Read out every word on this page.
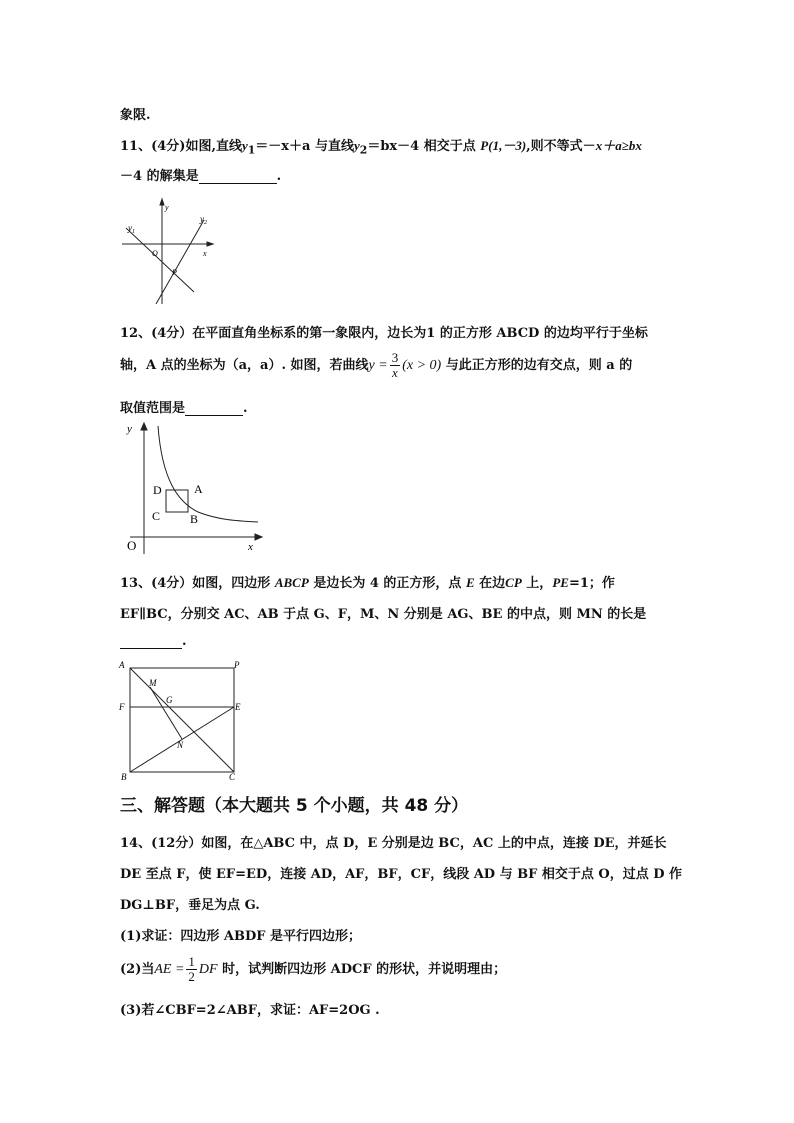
象限.
11、(4分)如图,直线$y_1=-x+a$ 与直线$y_2=bx-4$ 相交于点 P(1,－3),则不等式－x＋a≥bx
－4 的解集是	.
$y_1$
$y_2$
y
x
O
P
12、(4分）在平面直角坐标系的第一象限内，边长为1 的正方形 ABCD 的边均平行于坐标
轴，A 点的坐标为（a，a）. 如图，若曲线$y = \frac{3}{x} (x > 0)$ 与此正方形的边有交点，则 a 的
取值范围是	.
y
x
O
A
B
C
D
13、(4分）如图，四边形 ABCP 是边长为 4 的正方形，点 E 在边CP 上，PE=1；作
EF∥BC，分别交 AC、AB 于点 G、F，M、N 分别是 AG、BE 的中点，则 MN 的长是
.
A	P
M
G
F	E
N
B	C
三、解答题（本大题共 5 个小题，共 48 分）
14、(12分）如图，在△ABC 中，点 D，E 分别是边 BC，AC 上的中点，连接 DE，并延长
DE 至点 F，使 EF=ED，连接 AD，AF，BF，CF，线段 AD 与 BF 相交于点 O，过点 D 作
DG⊥BF，垂足为点 G.
(1)求证：四边形 ABDF 是平行四边形；
(2)当AE = $\frac{1}{2}$ DF 时，试判断四边形 ADCF 的形状，并说明理由；
(3)若∠CBF=2∠ABF，求证：AF=2OG .
